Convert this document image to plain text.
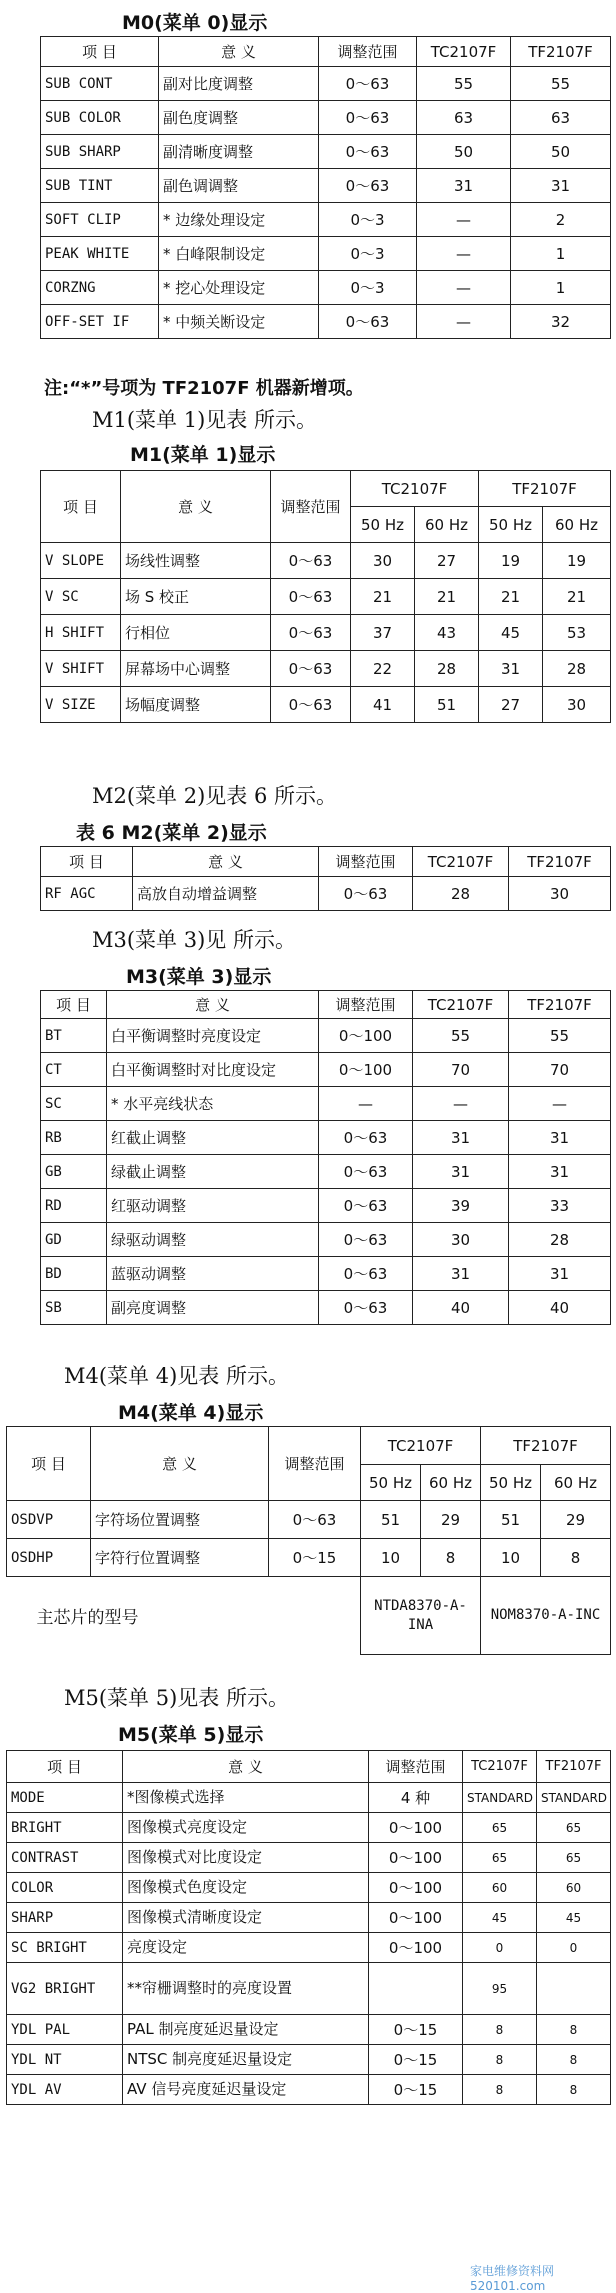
M0(菜单 0)显示
项 目	意 义	调整范围	TC2107F	TF2107F
SUB CONT	副对比度调整	0～63	55	55
SUB COLOR	副色度调整	0～63	63	63
SUB SHARP	副清晰度调整	0～63	50	50
SUB TINT	副色调调整	0～63	31	31
SOFT CLIP	* 边缘处理设定	0～3	—	2
PEAK WHITE	* 白峰限制设定	0～3	—	1
CORZNG	* 挖心处理设定	0～3	—	1
OFF-SET IF	* 中频关断设定	0～63	—	32
注:“*”号项为 TF2107F 机器新增项。
M1(菜单 1)见表 所示。
M1(菜单 1)显示
项 目	意 义	调整范围	TC2107F		TF2107F	
			50 Hz	60 Hz	50 Hz	60 Hz
V SLOPE	场线性调整	0～63	30	27	19	19
V SC	场 S 校正	0～63	21	21	21	21
H SHIFT	行相位	0～63	37	43	45	53
V SHIFT	屏幕场中心调整	0～63	22	28	31	28
V SIZE	场幅度调整	0～63	41	51	27	30
M2(菜单 2)见表 6 所示。
表 6 M2(菜单 2)显示
项 目	意 义	调整范围	TC2107F	TF2107F
RF AGC	高放自动增益调整	0～63	28	30
M3(菜单 3)见 所示。
M3(菜单 3)显示
项 目	意 义	调整范围	TC2107F	TF2107F
BT	白平衡调整时亮度设定	0～100	55	55
CT	白平衡调整时对比度设定	0～100	70	70
SC	* 水平亮线状态	—	—	—
RB	红截止调整	0～63	31	31
GB	绿截止调整	0～63	31	31
RD	红驱动调整	0～63	39	33
GD	绿驱动调整	0～63	30	28
BD	蓝驱动调整	0～63	31	31
SB	副亮度调整	0～63	40	40
M4(菜单 4)见表 所示。
M4(菜单 4)显示
项 目	意 义	调整范围	TC2107F		TF2107F	
			50 Hz	60 Hz	50 Hz	60 Hz
OSDVP	字符场位置调整	0～63	51	29	51	29
OSDHP	字符行位置调整	0～15	10	8	10	8
主芯片的型号			NTDA8370-A-INA		NOM8370-A-INC	
M5(菜单 5)见表 所示。
M5(菜单 5)显示
项 目	意 义	调整范围	TC2107F	TF2107F
MODE	*图像模式选择	4 种	STANDARD	STANDARD
BRIGHT	图像模式亮度设定	0～100	65	65
CONTRAST	图像模式对比度设定	0～100	65	65
COLOR	图像模式色度设定	0～100	60	60
SHARP	图像模式清晰度设定	0～100	45	45
SC BRIGHT	亮度设定	0～100	0	0
VG2 BRIGHT	**帘栅调整时的亮度设置		95	
YDL PAL	PAL 制亮度延迟量设定	0～15	8	8
YDL NT	NTSC 制亮度延迟量设定	0～15	8	8
YDL AV	AV 信号亮度延迟量设定	0～15	8	8
家电维修资料网 520101.com
